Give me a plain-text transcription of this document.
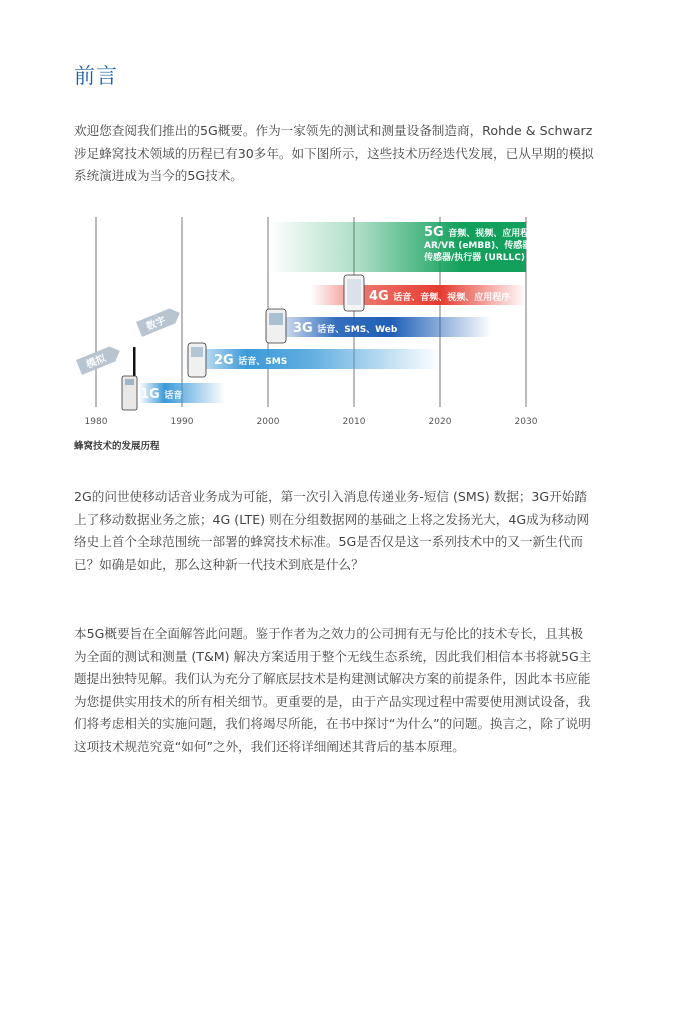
前言

欢迎您查阅我们推出的5G概要。作为一家领先的测试和测量设备制造商，Rohde & Schwarz涉足蜂窝技术领域的历程已有30多年。如下图所示，这些技术历经迭代发展，已从早期的模拟系统演进成为当今的5G技术。

1G 话音
2G 话音、SMS
3G 话音、SMS、Web
4G 话音、音频、视频、应用程序
5G 音频、视频、应用程序、
AR/VR (eMBB)、传感器 (mMTC)
传感器/执行器 (URLLC)
模拟
数字
1980	1990	2000	2010	2020	2030
蜂窝技术的发展历程

2G的问世使移动话音业务成为可能，第一次引入消息传递业务-短信 (SMS) 数据；3G开始踏上了移动数据业务之旅；4G (LTE) 则在分组数据网的基础之上将之发扬光大，4G成为移动网络史上首个全球范围统一部署的蜂窝技术标准。5G是否仅是这一系列技术中的又一新生代而已？如确是如此，那么这种新一代技术到底是什么？

本5G概要旨在全面解答此问题。鉴于作者为之效力的公司拥有无与伦比的技术专长，且其极为全面的测试和测量 (T&M) 解决方案适用于整个无线生态系统，因此我们相信本书将就5G主题提出独特见解。我们认为充分了解底层技术是构建测试解决方案的前提条件，因此本书应能为您提供实用技术的所有相关细节。更重要的是，由于产品实现过程中需要使用测试设备，我们将考虑相关的实施问题，我们将竭尽所能，在书中探讨“为什么”的问题。换言之，除了说明这项技术规范究竟“如何”之外，我们还将详细阐述其背后的基本原理。
